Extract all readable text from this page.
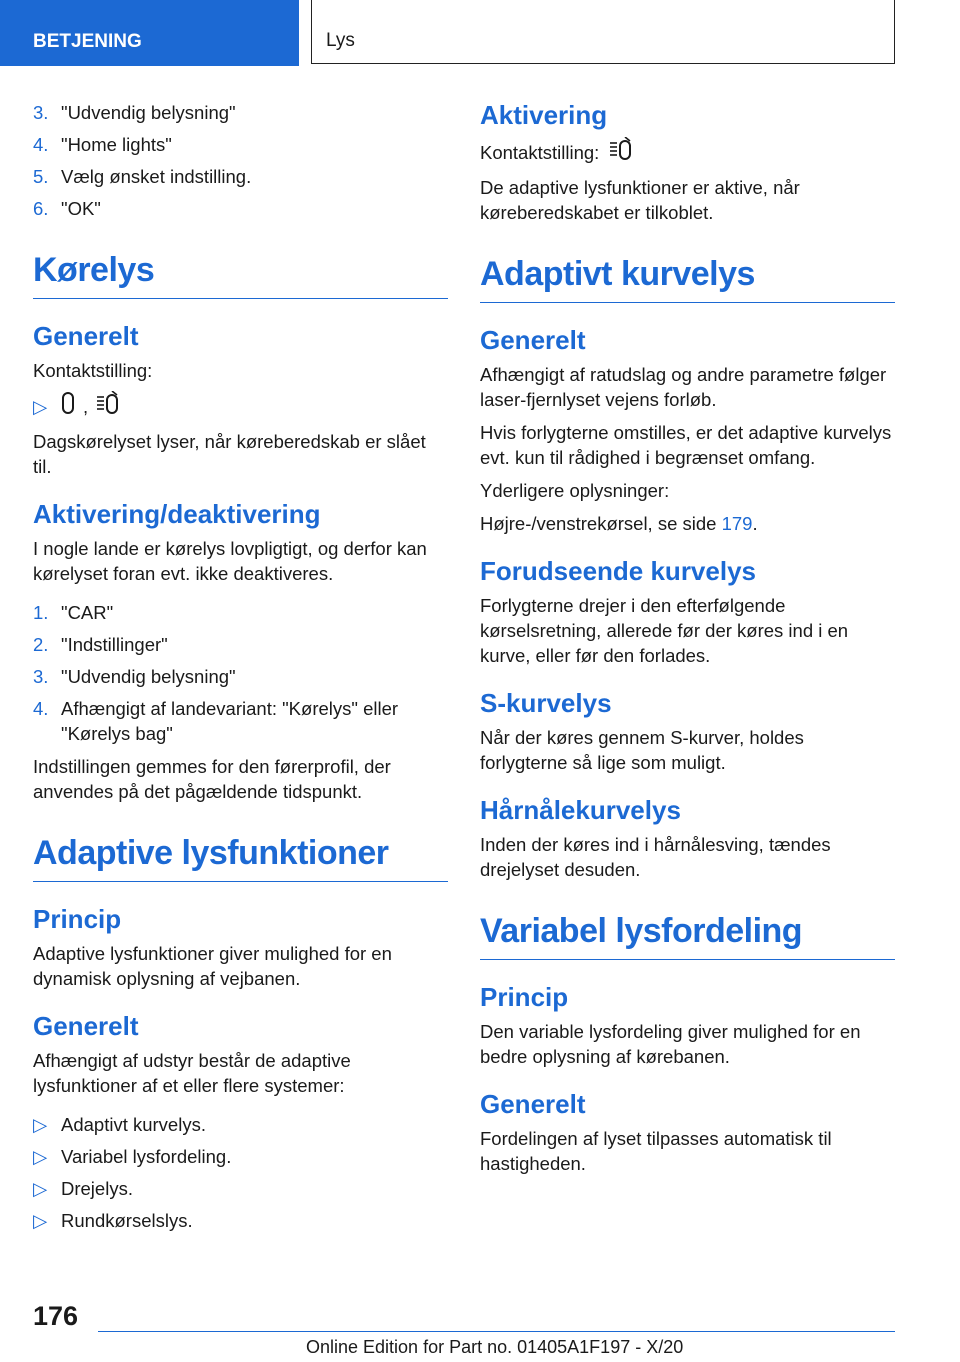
BETJENING	Lys
3. "Udvendig belysning"
4. "Home lights"
5. Vælg ønsket indstilling.
6. "OK"
Kørelys
Generelt

Kontaktstilling:

▷	,

Dagskørelyset lyser, når køreberedskab er slået til.

Aktivering/deaktivering

I nogle lande er kørelys lovpligtigt, og derfor kan kørelyset foran evt. ikke deaktiveres.

1. "CAR"
2. "Indstillinger"
3. "Udvendig belysning"
4. Afhængigt af landevariant: "Kørelys" eller "Kørelys bag"

Indstillingen gemmes for den førerprofil, der anvendes på det pågældende tidspunkt.

Adaptive lysfunktioner
Princip

Adaptive lysfunktioner giver mulighed for en dynamisk oplysning af vejbanen.

Generelt

Afhængigt af udstyr består de adaptive lysfunktioner af et eller flere systemer:

▷ Adaptivt kurvelys.
▷ Variabel lysfordeling.
▷ Drejelys.
▷ Rundkørselslys.
Aktivering
Kontaktstilling:

De adaptive lysfunktioner er aktive, når køreberedskabet er tilkoblet.

Adaptivt kurvelys
Generelt

Afhængigt af ratudslag og andre parametre følger laser-fjernlyset vejens forløb.

Hvis forlygterne omstilles, er det adaptive kurvelys evt. kun til rådighed i begrænset omfang.

Yderligere oplysninger:

Højre-/venstrekørsel, se side 179.

Forudseende kurvelys

Forlygterne drejer i den efterfølgende kørselsretning, allerede før der køres ind i en kurve, eller før den forlades.

S-kurvelys

Når der køres gennem S-kurver, holdes forlygterne så lige som muligt.

Hårnålekurvelys

Inden der køres ind i hårnålesving, tændes drejelyset desuden.

Variabel lysfordeling
Princip

Den variable lysfordeling giver mulighed for en bedre oplysning af kørebanen.

Generelt

Fordelingen af lyset tilpasses automatisk til hastigheden.

176
Online Edition for Part no. 01405A1F197 - X/20
